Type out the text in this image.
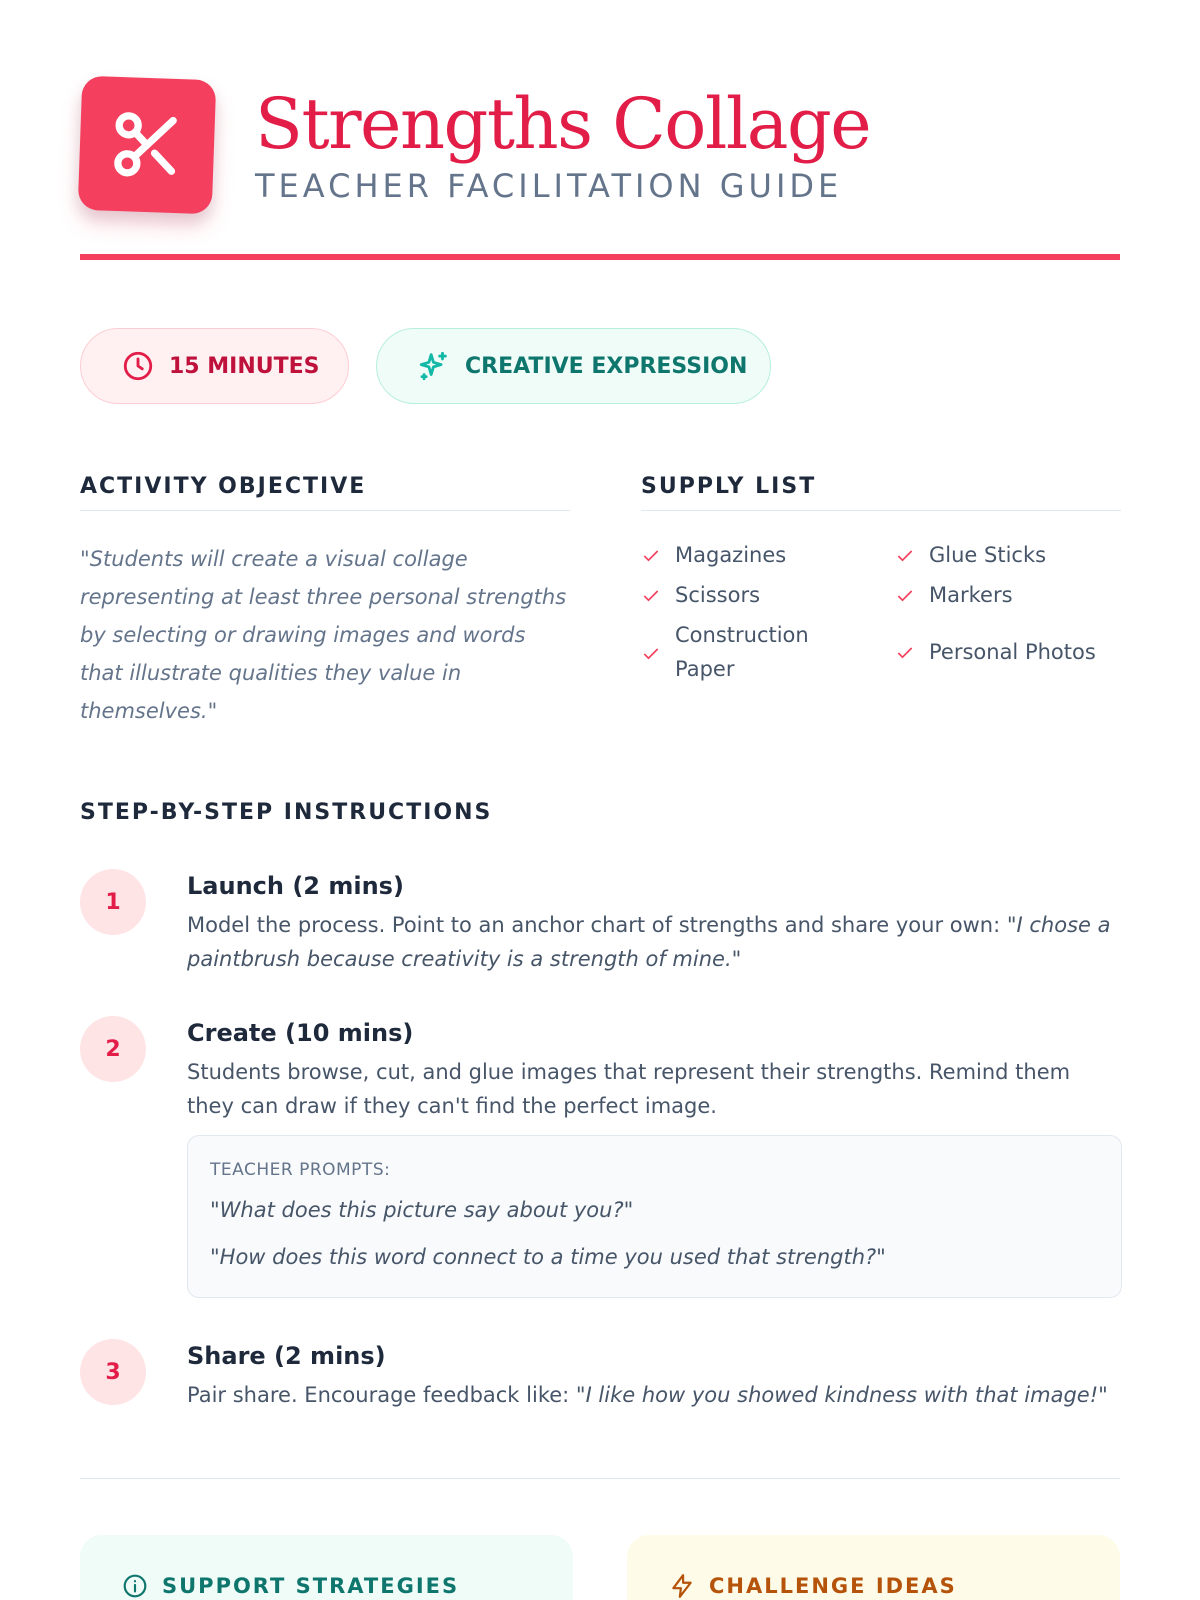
Strengths Collage
TEACHER FACILITATION GUIDE
15 MINUTES	CREATIVE EXPRESSION
ACTIVITY OBJECTIVE
"Students will create a visual collage representing at least three personal strengths by selecting or drawing images and words that illustrate qualities they value in themselves."
SUPPLY LIST
Magazines	Glue Sticks
Scissors	Markers
Construction Paper
Personal Photos
STEP-BY-STEP INSTRUCTIONS
1
Launch (2 mins)
Model the process. Point to an anchor chart of strengths and share your own: "I chose a paintbrush because creativity is a strength of mine."
2
Create (10 mins)
Students browse, cut, and glue images that represent their strengths. Remind them they can draw if they can't find the perfect image.
TEACHER PROMPTS:
"What does this picture say about you?"
"How does this word connect to a time you used that strength?"
3
Share (2 mins)
Pair share. Encourage feedback like: "I like how you showed kindness with that image!"
SUPPORT STRATEGIES	CHALLENGE IDEAS
